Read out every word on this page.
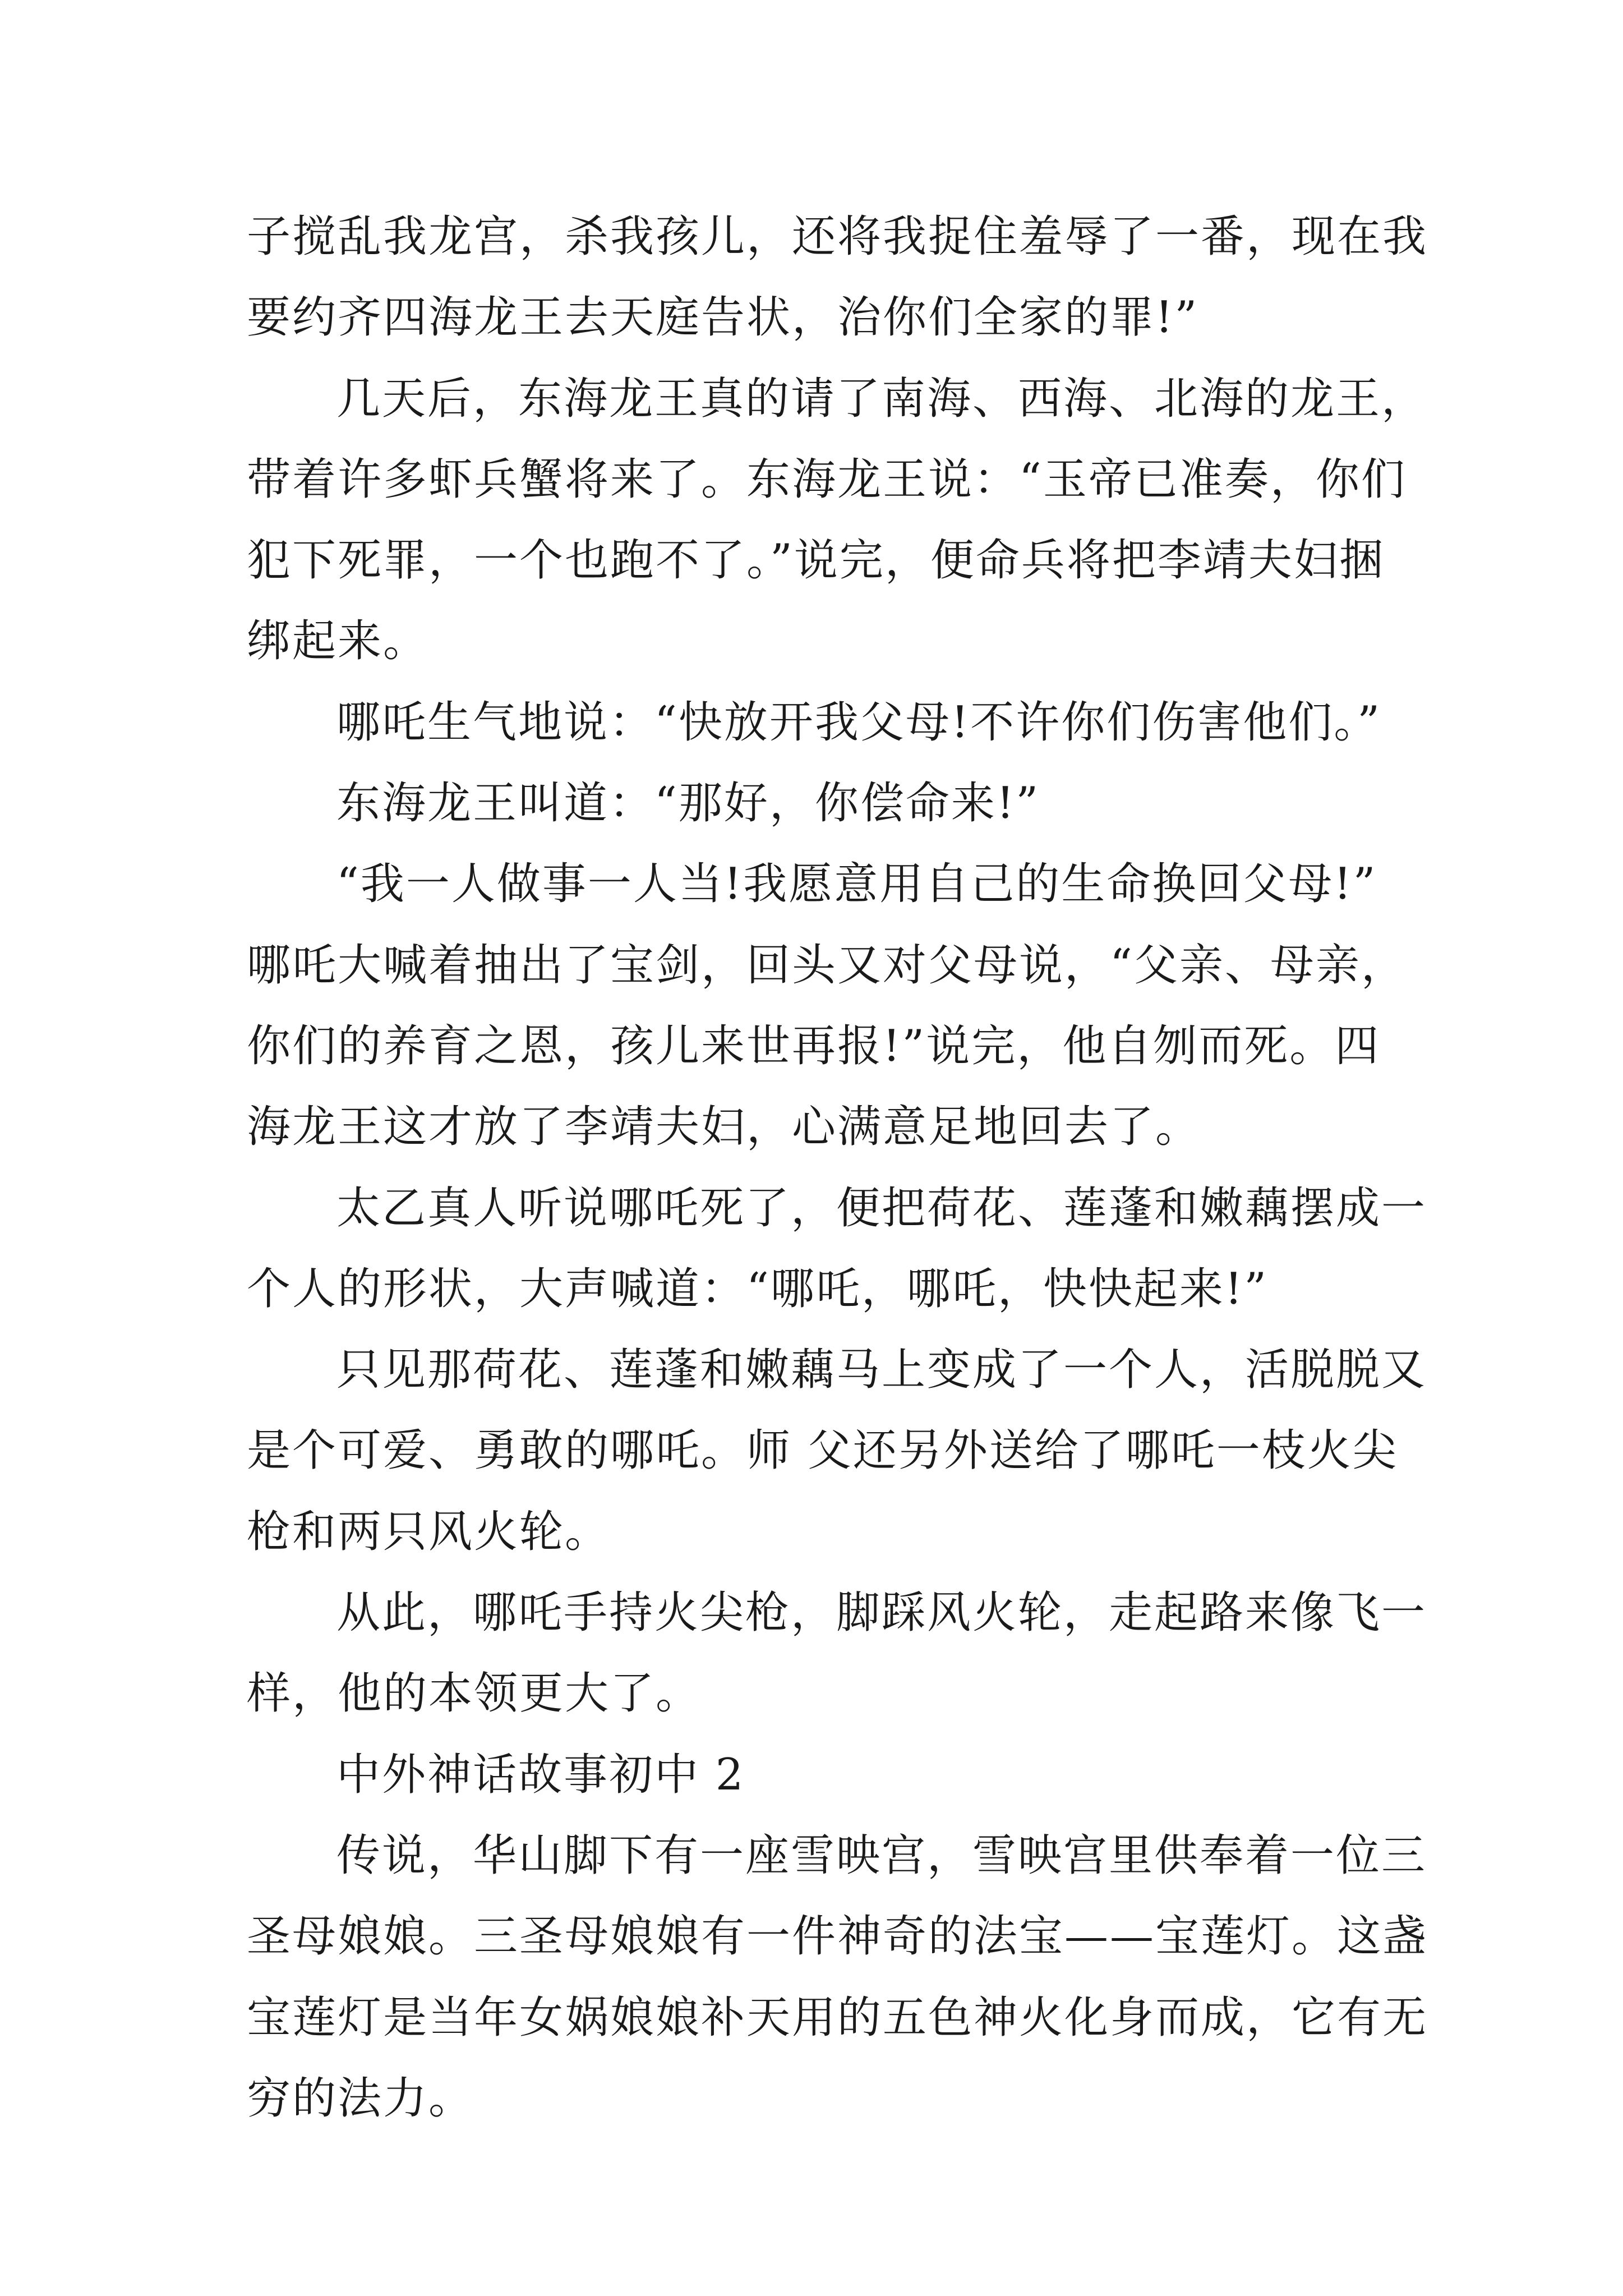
子搅乱我龙宫，杀我孩儿，还将我捉住羞辱了一番，现在我
要约齐四海龙王去天庭告状，治你们全家的罪!”
几天后，东海龙王真的请了南海、西海、北海的龙王，
带着许多虾兵蟹将来了。东海龙王说：“玉帝已准奏，你们
犯下死罪，一个也跑不了。”说完，便命兵将把李靖夫妇捆
绑起来。
哪吒生气地说：“快放开我父母!不许你们伤害他们。”
东海龙王叫道：“那好，你偿命来!”
“我一人做事一人当!我愿意用自己的生命换回父母!”
哪吒大喊着抽出了宝剑，回头又对父母说，“父亲、母亲，
你们的养育之恩，孩儿来世再报!”说完，他自刎而死。四
海龙王这才放了李靖夫妇，心满意足地回去了。
太乙真人听说哪吒死了，便把荷花、莲蓬和嫩藕摆成一
个人的形状，大声喊道：“哪吒，哪吒，快快起来!”
只见那荷花、莲蓬和嫩藕马上变成了一个人，活脱脱又
是个可爱、勇敢的哪吒。师 父还另外送给了哪吒一枝火尖
枪和两只风火轮。
从此，哪吒手持火尖枪，脚踩风火轮，走起路来像飞一
样，他的本领更大了。
中外神话故事初中 2
传说，华山脚下有一座雪映宫，雪映宫里供奉着一位三
圣母娘娘。三圣母娘娘有一件神奇的法宝——宝莲灯。这盏
宝莲灯是当年女娲娘娘补天用的五色神火化身而成，它有无
穷的法力。
